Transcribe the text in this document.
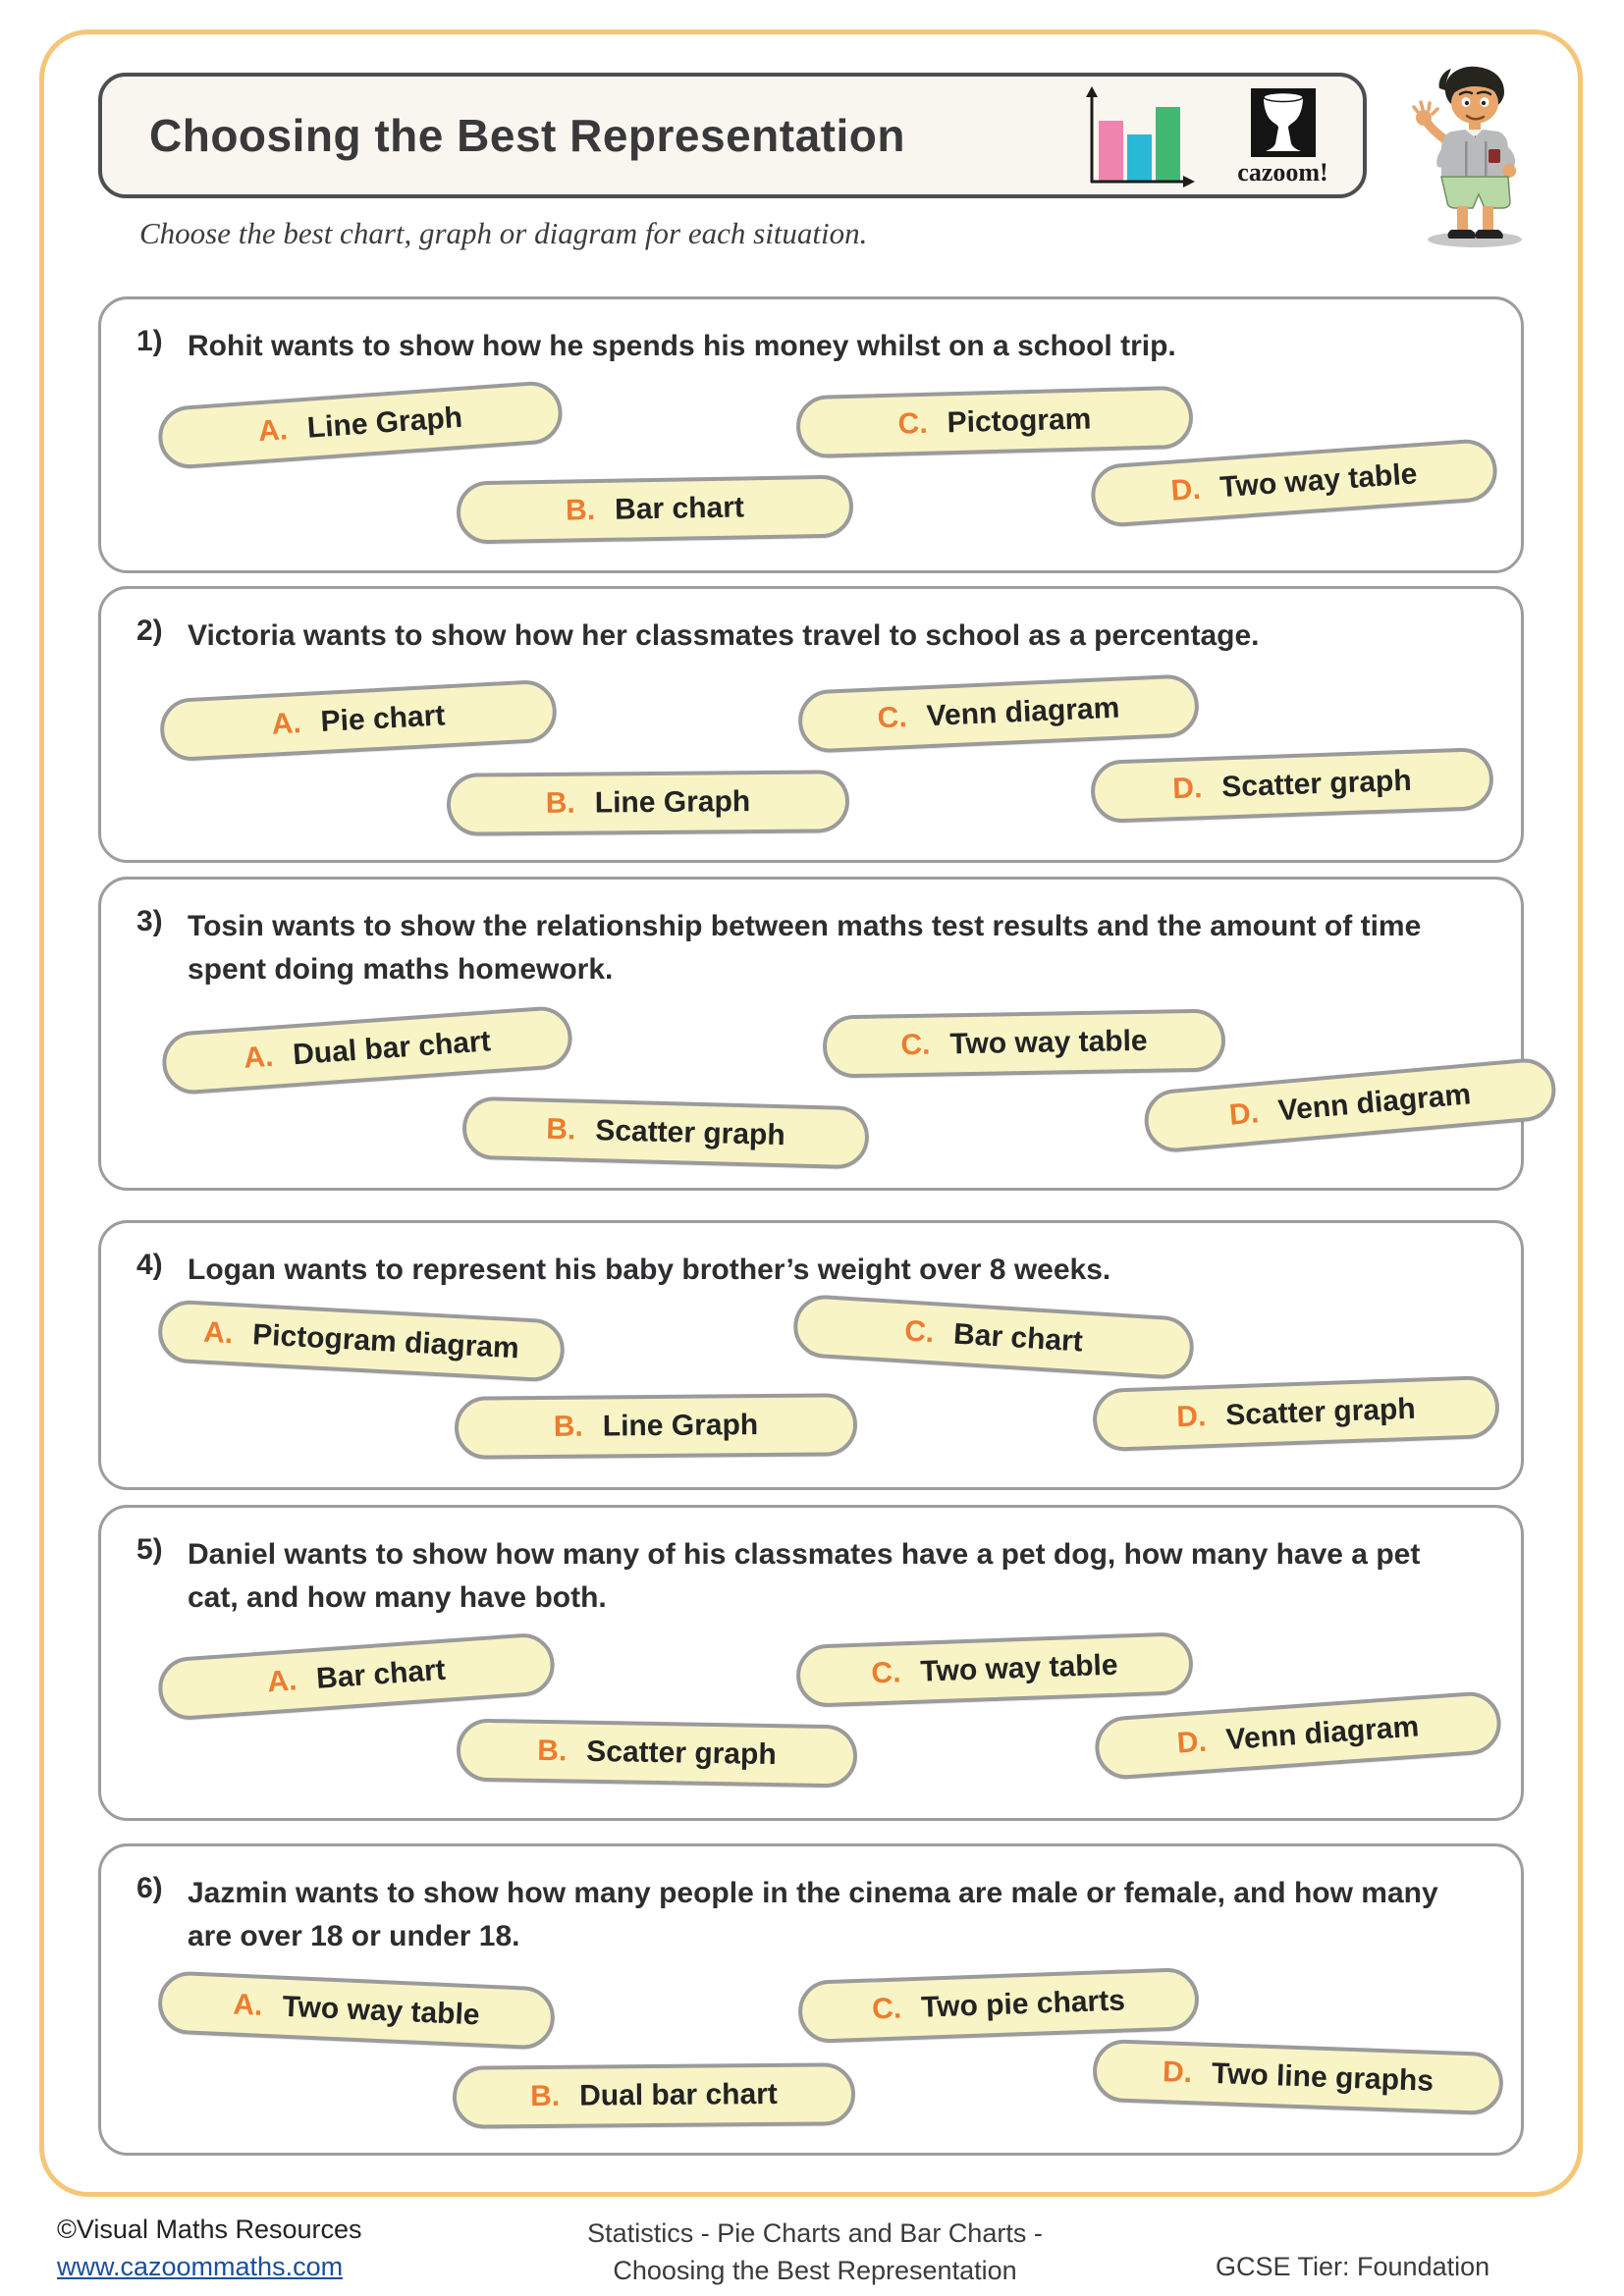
Choosing the Best Representation
cazoom!

Choose the best chart, graph or diagram for each situation.

1) Rohit wants to show how he spends his money whilst on a school trip.
A. Line Graph
B. Bar chart
C. Pictogram
D. Two way table
2) Victoria wants to show how her classmates travel to school as a percentage.
A. Pie chart
B. Line Graph
C. Venn diagram
D. Scatter graph
3) Tosin wants to show the relationship between maths test results and the amount of time spent doing maths homework.
A. Dual bar chart
B. Scatter graph
C. Two way table
D. Venn diagram
4) Logan wants to represent his baby brother’s weight over 8 weeks.
A. Pictogram diagram
B. Line Graph
C. Bar chart
D. Scatter graph
5) Daniel wants to show how many of his classmates have a pet dog, how many have a pet cat, and how many have both.
A. Bar chart
B. Scatter graph
C. Two way table
D. Venn diagram
6) Jazmin wants to show how many people in the cinema are male or female, and how many are over 18 or under 18.
A. Two way table
B. Dual bar chart
C. Two pie charts
D. Two line graphs
©Visual Maths Resources
www.cazoommaths.com
Statistics - Pie Charts and Bar Charts -
Choosing the Best Representation	GCSE Tier: Foundation
